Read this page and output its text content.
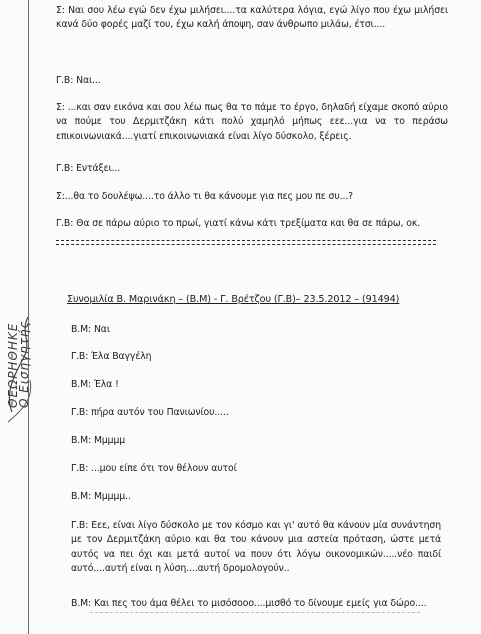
Σ: Ναι σου λέω εγώ δεν έχω μιλήσει....τα καλύτερα λόγια, εγώ λίγο που έχω μιλήσει κανά δύο φορές μαζί του, έχω καλή άποψη, σαν άνθρωπο μιλάω, έτσι....
Γ.Β: Ναι...
Σ: ...και σαν εικόνα και σου λέω πως θα το πάμε το έργο, δηλαδή είχαμε σκοπό αύριο να πούμε του Δερμιτζάκη κάτι πολύ χαμηλό μήπως εεε...για να το περάσω επικοινωνιακά....γιατί επικοινωνιακά είναι λίγο δύσκολο, ξέρεις.
Γ.Β: Εντάξει...
Σ:...θα το δουλέψω....το άλλο τι θα κάνουμε για πες μου πε συ...?
Γ.Β: Θα σε πάρω αύριο το πρωί, γιατί κάνω κάτι τρεξίματα και θα σε πάρω, οκ.
Συνομιλία Β. Μαρινάκη – (Β.Μ) - Γ. Βρέτζου (Γ.Β)– 23.5.2012 – (91494)
Β.Μ: Ναι
Γ.Β: Έλα Βαγγέλη
Β.Μ: Έλα !
Γ.Β: πήρα αυτόν του Πανιωνίου.....
Β.Μ: Μμμμμ
Γ.Β: ...μου είπε ότι τον θέλουν αυτοί
Β.Μ: Μμμμμ..
Γ.Β: Εεε, είναι λίγο δύσκολο με τον κόσμο και γι' αυτό θα κάνουν μία συνάντηση με τον Δερμιτζάκη αύριο και θα του κάνουν μια αστεία πρόταση, ώστε μετά αυτός να πει όχι και μετά αυτοί να πουν ότι λόγω οικονομικών.....νέο παιδί αυτό....αυτή είναι η λύση....αυτή δρομολογούν..
Β.Μ: Και πες του άμα θέλει το μισόσοοο....μισθό το δίνουμε εμείς για δώρο....
ΘΕΩΡΗΘΗΚΕ
Ο Εισηγητής
